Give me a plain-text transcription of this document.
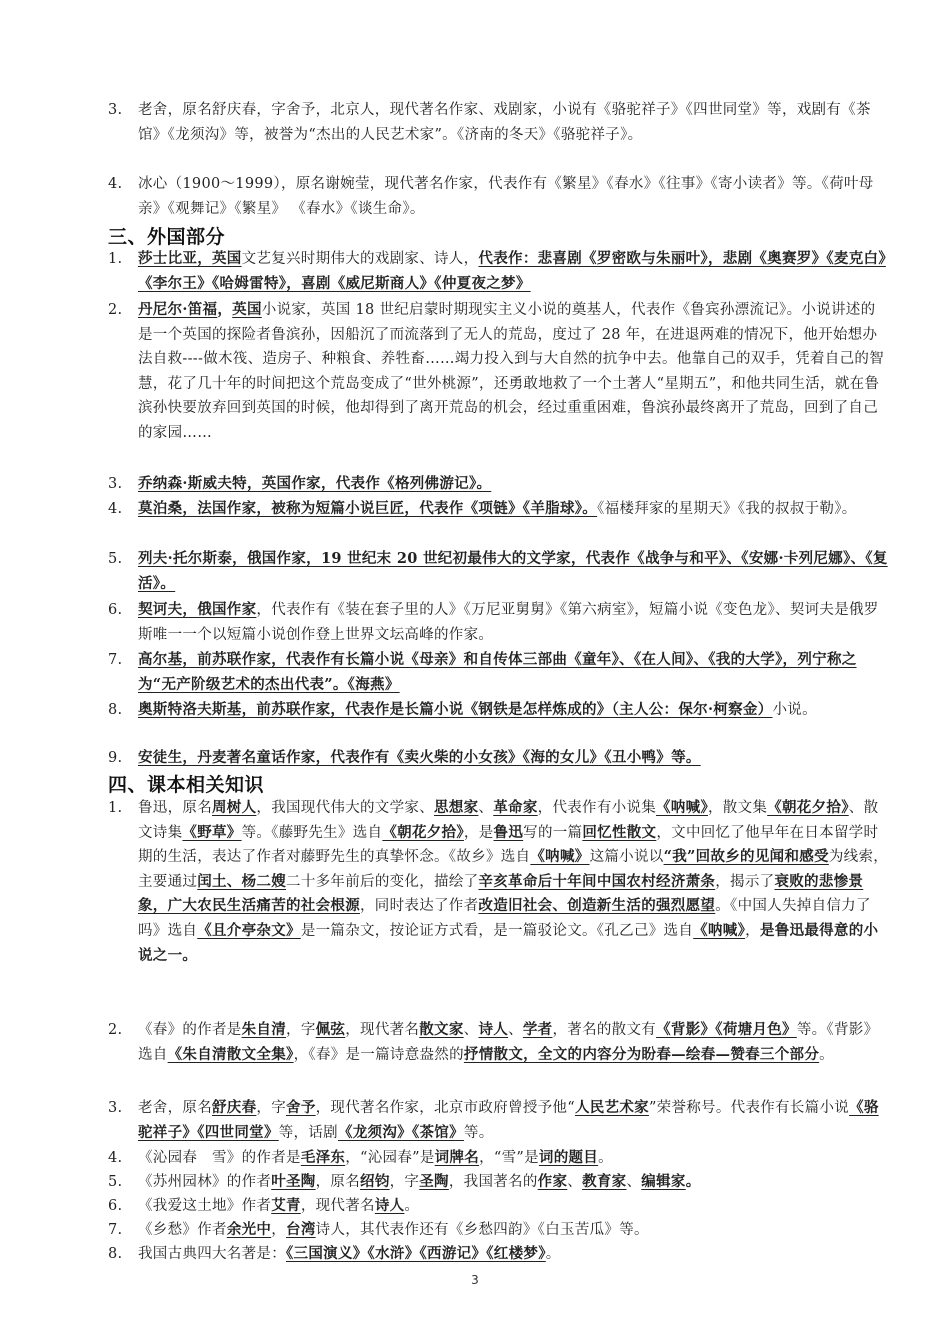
3. 老舍，原名舒庆春，字舍予，北京人，现代著名作家、戏剧家，小说有《骆驼祥子》《四世同堂》等，戏剧有《茶馆》《龙须沟》等，被誉为“杰出的人民艺术家”。《济南的冬天》《骆驼祥子》。
4. 冰心（1900～1999），原名谢婉莹，现代著名作家，代表作有《繁星》《春水》《往事》《寄小读者》等。《荷叶母亲》《观舞记》《繁星》 《春水》《谈生命》。
三、外国部分
1. 莎士比亚，英国文艺复兴时期伟大的戏剧家、诗人，代表作：悲喜剧《罗密欧与朱丽叶》，悲剧《奥赛罗》《麦克白》《李尔王》《哈姆雷特》，喜剧《威尼斯商人》《仲夏夜之梦》
2. 丹尼尔·笛福，英国小说家，英国 18 世纪启蒙时期现实主义小说的奠基人，代表作《鲁宾孙漂流记》。小说讲述的是一个英国的探险者鲁滨孙，因船沉了而流落到了无人的荒岛，度过了 28 年，在进退两难的情况下，他开始想办法自救----做木筏、造房子、种粮食、养牲畜……竭力投入到与大自然的抗争中去。他靠自己的双手，凭着自己的智慧，花了几十年的时间把这个荒岛变成了“世外桃源”，还勇敢地救了一个土著人“星期五”，和他共同生活，就在鲁滨孙快要放弃回到英国的时候，他却得到了离开荒岛的机会，经过重重困难，鲁滨孙最终离开了荒岛，回到了自己的家园……
3. 乔纳森·斯威夫特，英国作家，代表作《格列佛游记》。
4. 莫泊桑，法国作家，被称为短篇小说巨匠，代表作《项链》《羊脂球》。《福楼拜家的星期天》《我的叔叔于勒》。
5. 列夫·托尔斯泰，俄国作家，19 世纪末 20 世纪初最伟大的文学家，代表作《战争与和平》、《安娜·卡列尼娜》、《复活》。
6. 契诃夫，俄国作家，代表作有《装在套子里的人》《万尼亚舅舅》《第六病室》，短篇小说《变色龙》、契诃夫是俄罗斯唯一一个以短篇小说创作登上世界文坛高峰的作家。
7. 高尔基，前苏联作家，代表作有长篇小说《母亲》和自传体三部曲《童年》、《在人间》、《我的大学》，列宁称之为“无产阶级艺术的杰出代表”。《海燕》
8. 奥斯特洛夫斯基，前苏联作家，代表作是长篇小说《钢铁是怎样炼成的》（主人公：保尔·柯察金）小说。
9. 安徒生，丹麦著名童话作家，代表作有《卖火柴的小女孩》《海的女儿》《丑小鸭》等。
四、课本相关知识
1. 鲁迅，原名周树人，我国现代伟大的文学家、思想家、革命家，代表作有小说集《呐喊》，散文集《朝花夕拾》、散文诗集《野草》等。《藤野先生》选自《朝花夕拾》，是鲁迅写的一篇回忆性散文，文中回忆了他早年在日本留学时期的生活，表达了作者对藤野先生的真挚怀念。《故乡》选自《呐喊》这篇小说以“我”回故乡的见闻和感受为线索，主要通过闰土、杨二嫂二十多年前后的变化，描绘了辛亥革命后十年间中国农村经济萧条，揭示了衰败的悲惨景象，广大农民生活痛苦的社会根源，同时表达了作者改造旧社会、创造新生活的强烈愿望。《中国人失掉自信力了吗》选自《且介亭杂文》是一篇杂文，按论证方式看，是一篇驳论文。《孔乙己》选自《呐喊》，是鲁迅最得意的小说之一。
2. 《春》的作者是朱自清，字佩弦，现代著名散文家、诗人、学者，著名的散文有《背影》《荷塘月色》等。《背影》选自《朱自清散文全集》，《春》是一篇诗意盎然的抒情散文，全文的内容分为盼春—绘春—赞春三个部分。
3. 老舍，原名舒庆春，字舍予，现代著名作家，北京市政府曾授予他“人民艺术家”荣誉称号。代表作有长篇小说《骆驼祥子》《四世同堂》等，话剧《龙须沟》《茶馆》等。
4. 《沁园春　雪》的作者是毛泽东，“沁园春”是词牌名，“雪”是词的题目。
5. 《苏州园林》的作者叶圣陶，原名绍钧，字圣陶，我国著名的作家、教育家、编辑家。
6. 《我爱这土地》作者艾青，现代著名诗人。
7. 《乡愁》作者余光中，台湾诗人，其代表作还有《乡愁四韵》《白玉苦瓜》等。
8. 我国古典四大名著是：《三国演义》《水浒》《西游记》《红楼梦》。
3
